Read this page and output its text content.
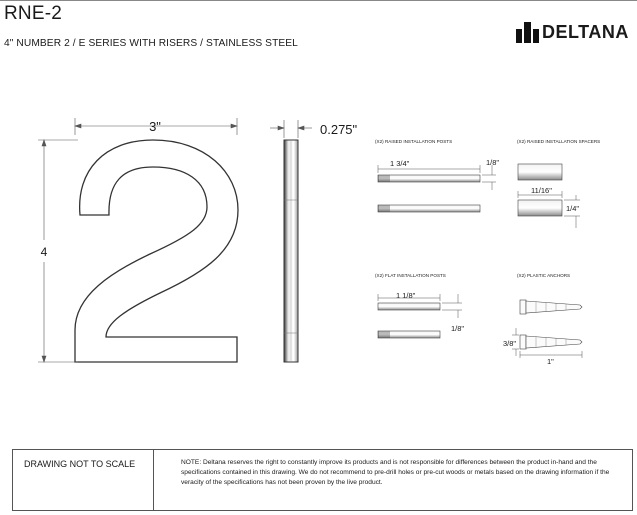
RNE-2
4" NUMBER 2 / E SERIES WITH RISERS / STAINLESS STEEL
DELTANA
3"
4
0.275"
(X2) RAISED INSTALLATION POSTS
1 3/4"	1/8"
(X2) RAISED INSTALLATION SPACERS
11/16"
1/4"
(X2) FLAT INSTALLATION POSTS
1 1/8"
1/8"
(X2) PLASTIC ANCHORS
3/8"
1"
DRAWING NOT TO SCALE	NOTE: Deltana reserves the right to constantly improve its products and is not responsible for differences between the product in-hand and the specifications contained in this drawing. We do not recommend to pre-drill holes or pre-cut woods or metals based on the drawing information if the veracity of the specifications has not been proven by the live product.
